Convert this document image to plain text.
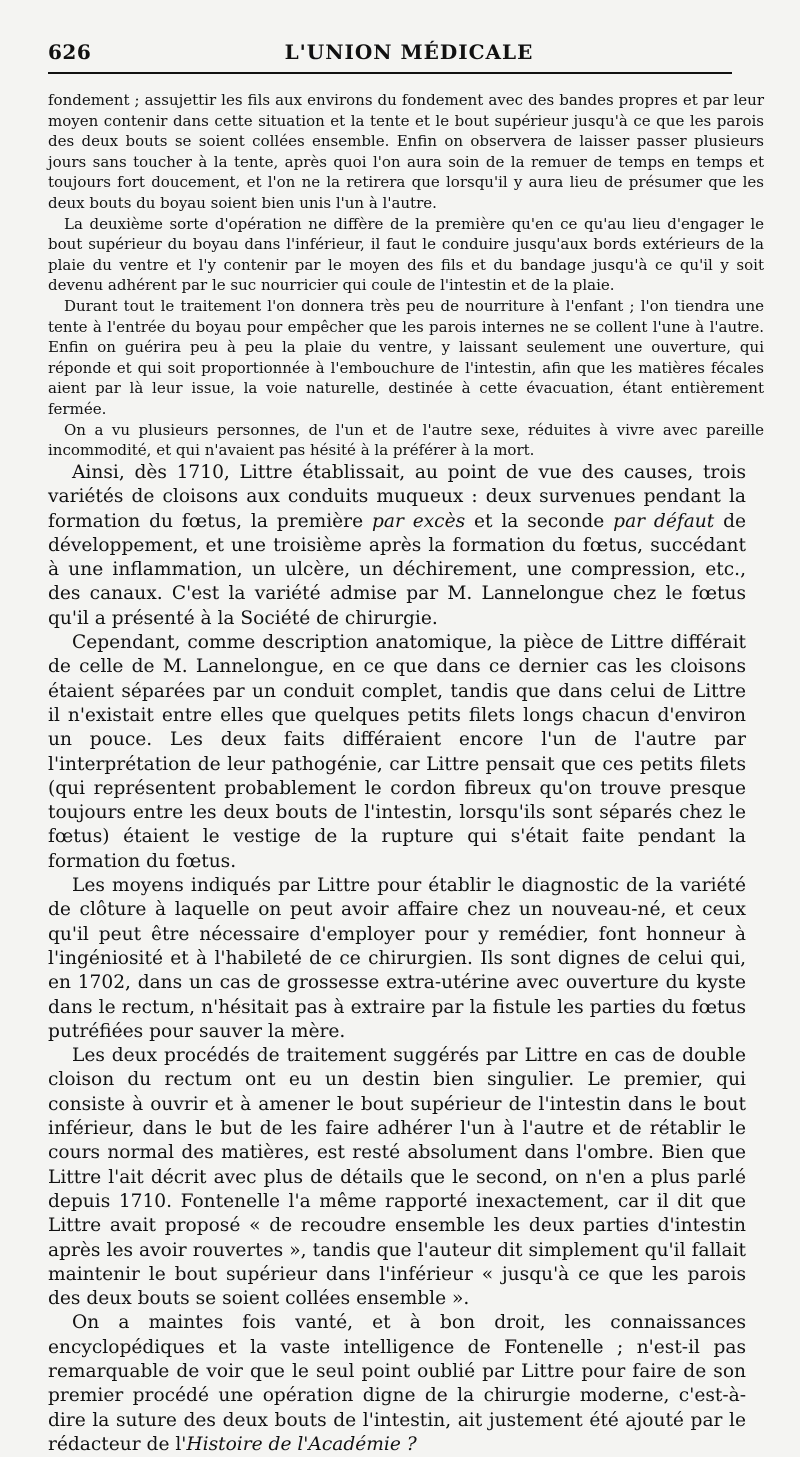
626	L'UNION MÉDICALE

fondement ; assujettir les fils aux environs du fondement avec des bandes propres et par leur moyen contenir dans cette situation et la tente et le bout supérieur jusqu'à ce que les parois des deux bouts se soient collées ensemble. Enfin on observera de laisser passer plusieurs jours sans toucher à la tente, après quoi l'on aura soin de la remuer de temps en temps et toujours fort doucement, et l'on ne la retirera que lorsqu'il y aura lieu de présumer que les deux bouts du boyau soient bien unis l'un à l'autre.

La deuxième sorte d'opération ne diffère de la première qu'en ce qu'au lieu d'engager le bout supérieur du boyau dans l'inférieur, il faut le conduire jusqu'aux bords extérieurs de la plaie du ventre et l'y contenir par le moyen des fils et du bandage jusqu'à ce qu'il y soit devenu adhérent par le suc nourricier qui coule de l'intestin et de la plaie.

Durant tout le traitement l'on donnera très peu de nourriture à l'enfant ; l'on tiendra une tente à l'entrée du boyau pour empêcher que les parois internes ne se collent l'une à l'autre. Enfin on guérira peu à peu la plaie du ventre, y laissant seulement une ouverture, qui réponde et qui soit proportionnée à l'embouchure de l'intestin, afin que les matières fécales aient par là leur issue, la voie naturelle, destinée à cette évacuation, étant entièrement fermée.

On a vu plusieurs personnes, de l'un et de l'autre sexe, réduites à vivre avec pareille incommodité, et qui n'avaient pas hésité à la préférer à la mort.

Ainsi, dès 1710, Littre établissait, au point de vue des causes, trois variétés de cloisons aux conduits muqueux : deux survenues pendant la formation du fœtus, la première par excès et la seconde par défaut de développement, et une troisième après la formation du fœtus, succédant à une inflammation, un ulcère, un déchirement, une compression, etc., des canaux. C'est la variété admise par M. Lannelongue chez le fœtus qu'il a présenté à la Société de chirurgie.

Cependant, comme description anatomique, la pièce de Littre différait de celle de M. Lannelongue, en ce que dans ce dernier cas les cloisons étaient séparées par un conduit complet, tandis que dans celui de Littre il n'existait entre elles que quelques petits filets longs chacun d'environ un pouce. Les deux faits différaient encore l'un de l'autre par l'interprétation de leur pathogénie, car Littre pensait que ces petits filets (qui représentent probablement le cordon fibreux qu'on trouve presque toujours entre les deux bouts de l'intestin, lorsqu'ils sont séparés chez le fœtus) étaient le vestige de la rupture qui s'était faite pendant la formation du fœtus.

Les moyens indiqués par Littre pour établir le diagnostic de la variété de clôture à laquelle on peut avoir affaire chez un nouveau-né, et ceux qu'il peut être nécessaire d'employer pour y remédier, font honneur à l'ingéniosité et à l'habileté de ce chirurgien. Ils sont dignes de celui qui, en 1702, dans un cas de grossesse extra-utérine avec ouverture du kyste dans le rectum, n'hésitait pas à extraire par la fistule les parties du fœtus putréfiées pour sauver la mère.

Les deux procédés de traitement suggérés par Littre en cas de double cloison du rectum ont eu un destin bien singulier. Le premier, qui consiste à ouvrir et à amener le bout supérieur de l'intestin dans le bout inférieur, dans le but de les faire adhérer l'un à l'autre et de rétablir le cours normal des matières, est resté absolument dans l'ombre. Bien que Littre l'ait décrit avec plus de détails que le second, on n'en a plus parlé depuis 1710. Fontenelle l'a même rapporté inexactement, car il dit que Littre avait proposé « de recoudre ensemble les deux parties d'intestin après les avoir rouvertes », tandis que l'auteur dit simplement qu'il fallait maintenir le bout supérieur dans l'inférieur « jusqu'à ce que les parois des deux bouts se soient collées ensemble ».

On a maintes fois vanté, et à bon droit, les connaissances encyclopédiques et la vaste intelligence de Fontenelle ; n'est-il pas remarquable de voir que le seul point oublié par Littre pour faire de son premier procédé une opération digne de la chirurgie moderne, c'est-à-dire la suture des deux bouts de l'intestin, ait justement été ajouté par le rédacteur de l'Histoire de l'Académie ?
